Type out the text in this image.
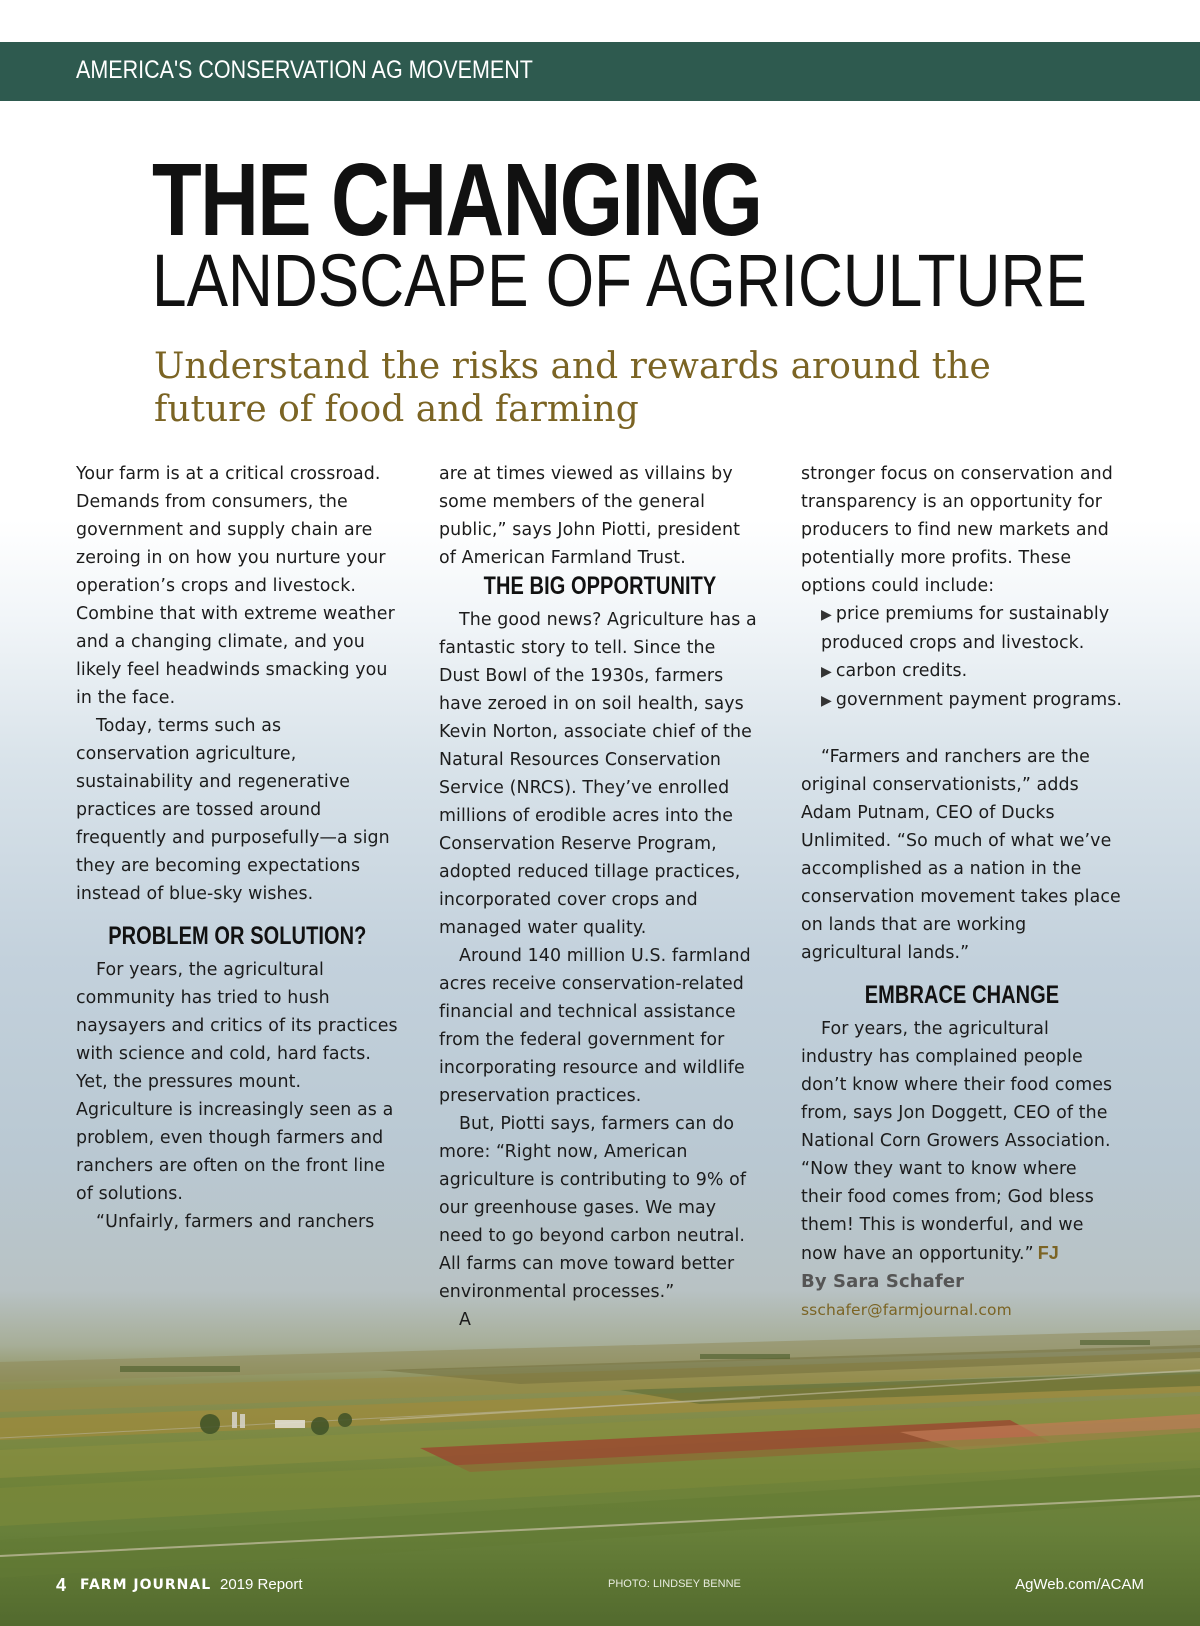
AMERICA'S CONSERVATION AG MOVEMENT
THE CHANGING
LANDSCAPE OF AGRICULTURE
Understand the risks and rewards around the future of food and farming

Your farm is at a critical crossroad. Demands from consumers, the government and supply chain are zeroing in on how you nurture your operation’s crops and livestock. Combine that with extreme weather and a changing climate, and you likely feel headwinds smacking you in the face.

Today, terms such as conservation agriculture, sustainability and regenerative practices are tossed around frequently and purposefully—a sign they are becoming expectations instead of blue-sky wishes.

PROBLEM OR SOLUTION?

For years, the agricultural community has tried to hush naysayers and critics of its practices with science and cold, hard facts. Yet, the pressures mount. Agriculture is increasingly seen as a problem, even though farmers and ranchers are often on the front line of solutions.

“Unfairly, farmers and ranchers

are at times viewed as villains by some members of the general public,” says John Piotti, president of American Farmland Trust.

THE BIG OPPORTUNITY

The good news? Agriculture has a fantastic story to tell. Since the Dust Bowl of the 1930s, farmers have zeroed in on soil health, says Kevin Norton, associate chief of the Natural Resources Conservation Service (NRCS). They’ve enrolled millions of erodible acres into the Conservation Reserve Program, adopted reduced tillage practices, incorporated cover crops and managed water quality.

Around 140 million U.S. farmland acres receive conservation-related financial and technical assistance from the federal government for incorporating resource and wildlife preservation practices.

But, Piotti says, farmers can do more: “Right now, American agriculture is contributing to 9% of our greenhouse gases. We may need to go beyond carbon neutral. All farms can move toward better environmental processes.”

A

stronger focus on conservation and transparency is an opportunity for producers to find new markets and potentially more profits. These options could include:

▶ price premiums for sustainably produced crops and livestock.

▶ carbon credits.

▶ government payment programs.

“Farmers and ranchers are the original conservationists,” adds Adam Putnam, CEO of Ducks Unlimited. “So much of what we’ve accomplished as a nation in the conservation movement takes place on lands that are working agricultural lands.”

EMBRACE CHANGE

For years, the agricultural industry has complained people don’t know where their food comes from, says Jon Doggett, CEO of the National Corn Growers Association. “Now they want to know where their food comes from; God bless them! This is wonderful, and we now have an opportunity.” FJ

By Sara Schafer

sschafer@farmjournal.com

4 FARM JOURNAL 2019 Report	PHOTO: LINDSEY BENNE	AgWeb.com/ACAM
